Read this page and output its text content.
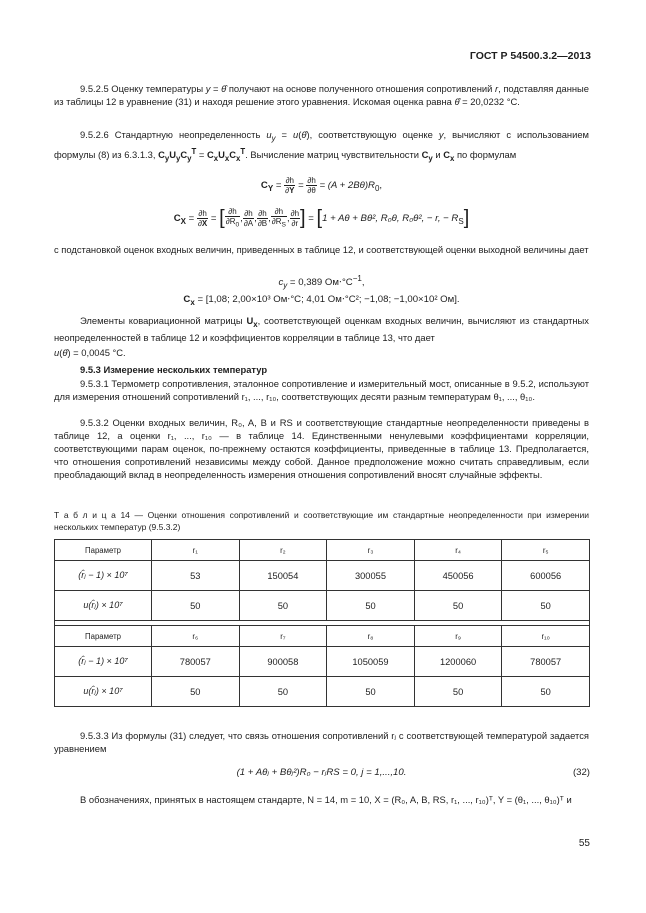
ГОСТ Р 54500.3.2—2013
9.5.2.5 Оценку температуры y = θ̂ получают на основе полученного отношения сопротивлений r, подставляя данные из таблицы 12 в уравнение (31) и находя решение этого уравнения. Искомая оценка равна θ̂ = 20,0232 °С.
9.5.2.6 Стандартную неопределенность $u_y$ = u(θ̂), соответствующую оценке y, вычисляют с использованием формулы (8) из 6.3.1.3, $C_yU_yC_y^T = C_xU_xC_x^T$. Вычисление матриц чувствительности $C_y$ и $C_x$ по формулам
$C_Y = \frac{\partial h}{\partial Y} = \frac{\partial h}{\partial\theta} = (A + 2B\theta)R_0$,
$C_X = \frac{\partial h}{\partial X}$ = [ $\frac{\partial h}{\partial R_0}$ , $\frac{\partial h}{\partial A}$ , $\frac{\partial h}{\partial B}$ , $\frac{\partial h}{\partial R_S}$ , $\frac{\partial h}{\partial r}$ ] = [1 + Aθ + Bθ², R₀θ, R₀θ², − r, − $R_S$]
с подстановкой оценок входных величин, приведенных в таблице 12, и соответствующей оценки выходной величины дает
$c_y = 0,389$ $Ом\cdot^\circ С^{-1}$,
$C_x = [1,08$; 2,00×10³ Ом⋅°С; 4,01 Ом⋅°С²; −1,08; −1,00×10² Ом].
Элементы ковариационной матрицы $U_x$, соответствующей оценкам входных величин, вычисляют из стандартных неопределенностей в таблице 12 и коэффициентов корреляции в таблице 13, что дает
u(θ̂) = 0,0045 °С.
9.5.3 Измерение нескольких температур
9.5.3.1 Термометр сопротивления, эталонное сопротивление и измерительный мост, описанные в 9.5.2, используют для измерения отношений сопротивлений r₁, ..., r₁₀, соответствующих десяти разным температурам θ₁, ..., θ₁₀.
9.5.3.2 Оценки входных величин, R₀, A, B и RS и соответствующие стандартные неопределенности приведены в таблице 12, а оценки r₁, ..., r₁₀ — в таблице 14. Единственными ненулевыми коэффициентами корреляции, соответствующими парам оценок, по-прежнему остаются коэффициенты, приведенные в таблице 13. Предполагается, что отношения сопротивлений независимы между собой. Данное предположение можно считать справедливым, если преобладающий вклад в неопределенность измерения отношения сопротивлений вносят случайные эффекты.
Т а б л и ц а 14 — Оценки отношения сопротивлений и соответствующие им стандартные неопределенности при измерении нескольких температур (9.5.3.2)
Параметр	r₁	r₂	r₃	r₄	r₅
(r̂ⱼ − 1) × 10⁷	53	150054	300055	450056	600056
u(r̂ⱼ) × 10⁷	50	50	50	50	50

Параметр	r₆	r₇	r₈	r₉	r₁₀
(r̂ⱼ − 1) × 10⁷	780057	900058	1050059	1200060	780057
u(r̂ⱼ) × 10⁷	50	50	50	50	50
9.5.3.3 Из формулы (31) следует, что связь отношения сопротивлений rⱼ с соответствующей температурой задается уравнением
(1 + Aθⱼ + Bθⱼ²)R₀ − rⱼRS = 0, j = 1,...,10.	(32)
В обозначениях, принятых в настоящем стандарте, N = 14, m = 10, X = (R₀, A, B, RS, r₁, ..., r₁₀)ᵀ, Y = (θ₁, ..., θ₁₀)ᵀ и
55
